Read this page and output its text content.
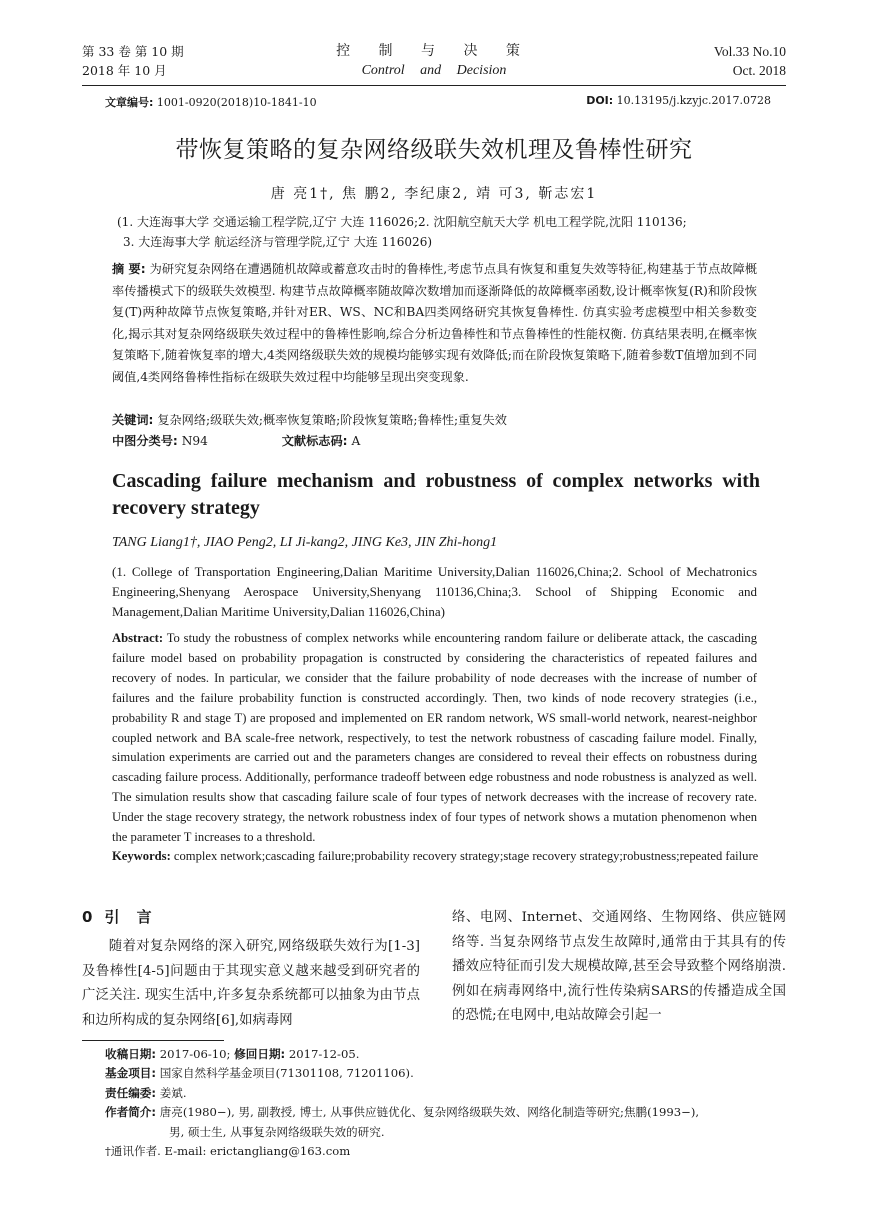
第 33 卷 第 10 期
2018 年 10 月
控 制 与 决 策
Control and Decision
Vol.33 No.10
Oct. 2018
文章编号: 1001-0920(2018)10-1841-10	DOI: 10.13195/j.kzyjc.2017.0728
带恢复策略的复杂网络级联失效机理及鲁棒性研究
唐 亮1†, 焦 鹏2, 李纪康2, 靖 可3, 靳志宏1
(1. 大连海事大学 交通运输工程学院,辽宁 大连 116026;2. 沈阳航空航天大学 机电工程学院,沈阳 110136;
3. 大连海事大学 航运经济与管理学院,辽宁 大连 116026)
摘 要: 为研究复杂网络在遭遇随机故障或蓄意攻击时的鲁棒性,考虑节点具有恢复和重复失效等特征,构建基于节点故障概率传播模式下的级联失效模型. 构建节点故障概率随故障次数增加而逐渐降低的故障概率函数,设计概率恢复(R)和阶段恢复(T)两种故障节点恢复策略,并针对ER、WS、NC和BA四类网络研究其恢复鲁棒性. 仿真实验考虑模型中相关参数变化,揭示其对复杂网络级联失效过程中的鲁棒性影响,综合分析边鲁棒性和节点鲁棒性的性能权衡. 仿真结果表明,在概率恢复策略下,随着恢复率的增大,4类网络级联失效的规模均能够实现有效降低;而在阶段恢复策略下,随着参数T值增加到不同阈值,4类网络鲁棒性指标在级联失效过程中均能够呈现出突变现象.
关键词: 复杂网络;级联失效;概率恢复策略;阶段恢复策略;鲁棒性;重复失效
中图分类号: N94	文献标志码: A
Cascading failure mechanism and robustness of complex networks with recovery strategy
TANG Liang1†, JIAO Peng2, LI Ji-kang2, JING Ke3, JIN Zhi-hong1
(1. College of Transportation Engineering,Dalian Maritime University,Dalian 116026,China;2. School of Mechatronics Engineering,Shenyang Aerospace University,Shenyang 110136,China;3. School of Shipping Economic and Management,Dalian Maritime University,Dalian 116026,China)
Abstract: To study the robustness of complex networks while encountering random failure or deliberate attack, the cascading failure model based on probability propagation is constructed by considering the characteristics of repeated failures and recovery of nodes. In particular, we consider that the failure probability of node decreases with the increase of number of failures and the failure probability function is constructed accordingly. Then, two kinds of node recovery strategies (i.e., probability R and stage T) are proposed and implemented on ER random network, WS small-world network, nearest-neighbor coupled network and BA scale-free network, respectively, to test the network robustness of cascading failure model. Finally, simulation experiments are carried out and the parameters changes are considered to reveal their effects on robustness during cascading failure process. Additionally, performance tradeoff between edge robustness and node robustness is analyzed as well. The simulation results show that cascading failure scale of four types of network decreases with the increase of recovery rate. Under the stage recovery strategy, the network robustness index of four types of network shows a mutation phenomenon when the parameter T increases to a threshold.
Keywords: complex network;cascading failure;probability recovery strategy;stage recovery strategy;robustness;repeated failure
0 引 言
随着对复杂网络的深入研究,网络级联失效行为[1-3]及鲁棒性[4-5]问题由于其现实意义越来越受到研究者的广泛关注. 现实生活中,许多复杂系统都可以抽象为由节点和边所构成的复杂网络[6],如病毒网
络、电网、Internet、交通网络、生物网络、供应链网络等. 当复杂网络节点发生故障时,通常由于其具有的传播效应特征而引发大规模故障,甚至会导致整个网络崩溃. 例如在病毒网络中,流行性传染病SARS的传播造成全国的恐慌;在电网中,电站故障会引起一
收稿日期: 2017-06-10; 修回日期: 2017-12-05.
基金项目: 国家自然科学基金项目(71301108, 71201106).
责任编委: 姜斌.
作者简介: 唐亮(1980−), 男, 副教授, 博士, 从事供应链优化、复杂网络级联失效、网络化制造等研究;焦鹏(1993−),
男, 硕士生, 从事复杂网络级联失效的研究.
†通讯作者. E-mail: erictangliang@163.com
